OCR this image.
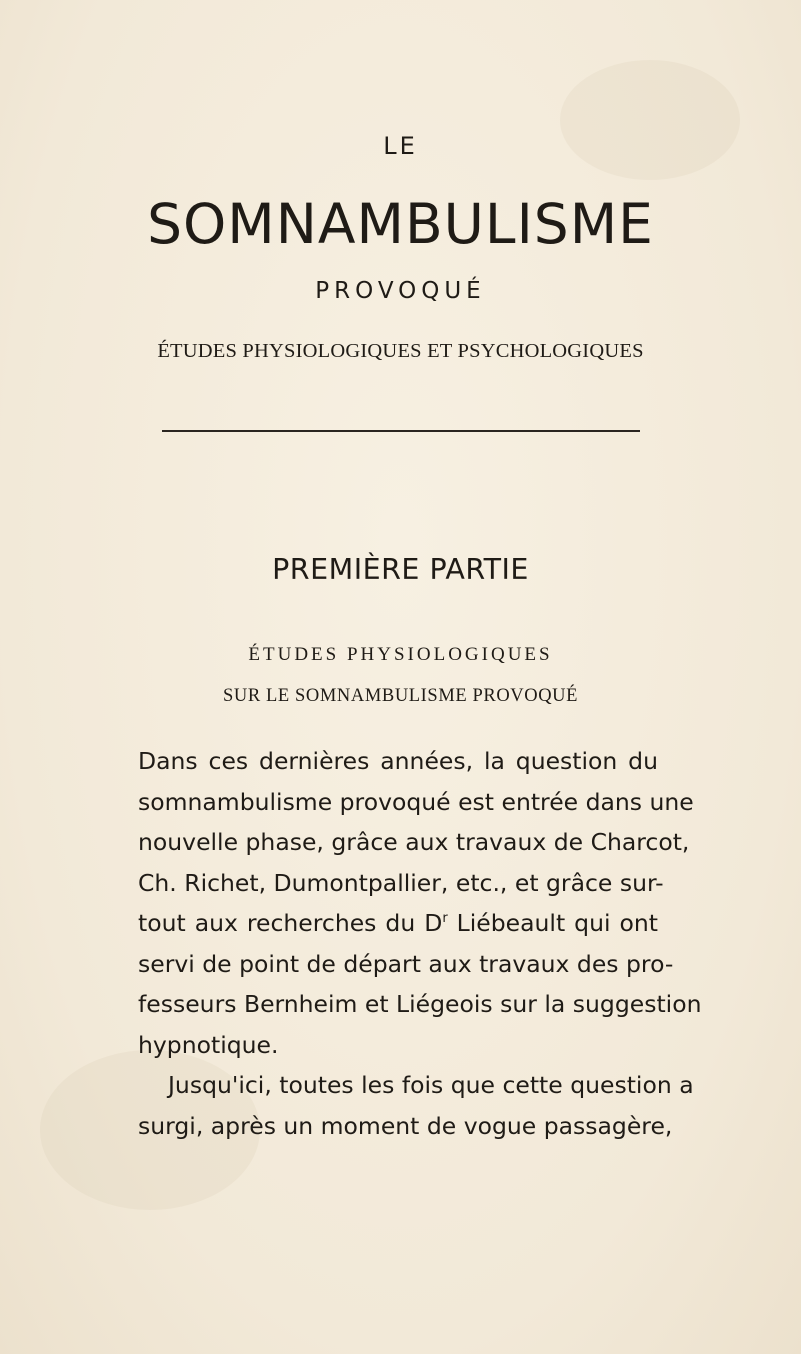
LE
SOMNAMBULISME
PROVOQUÉ
ÉTUDES PHYSIOLOGIQUES ET PSYCHOLOGIQUES
PREMIÈRE PARTIE
ÉTUDES PHYSIOLOGIQUES
SUR LE SOMNAMBULISME PROVOQUÉ
Dans ces dernières années, la question du
somnambulisme provoqué est entrée dans une
nouvelle phase, grâce aux travaux de Charcot,
Ch. Richet, Dumontpallier, etc., et grâce sur-
tout aux recherches du $D^r$ Liébeault qui ont
servi de point de départ aux travaux des pro-
fesseurs Bernheim et Liégeois sur la suggestion
hypnotique.
Jusqu'ici, toutes les fois que cette question a
surgi, après un moment de vogue passagère,
